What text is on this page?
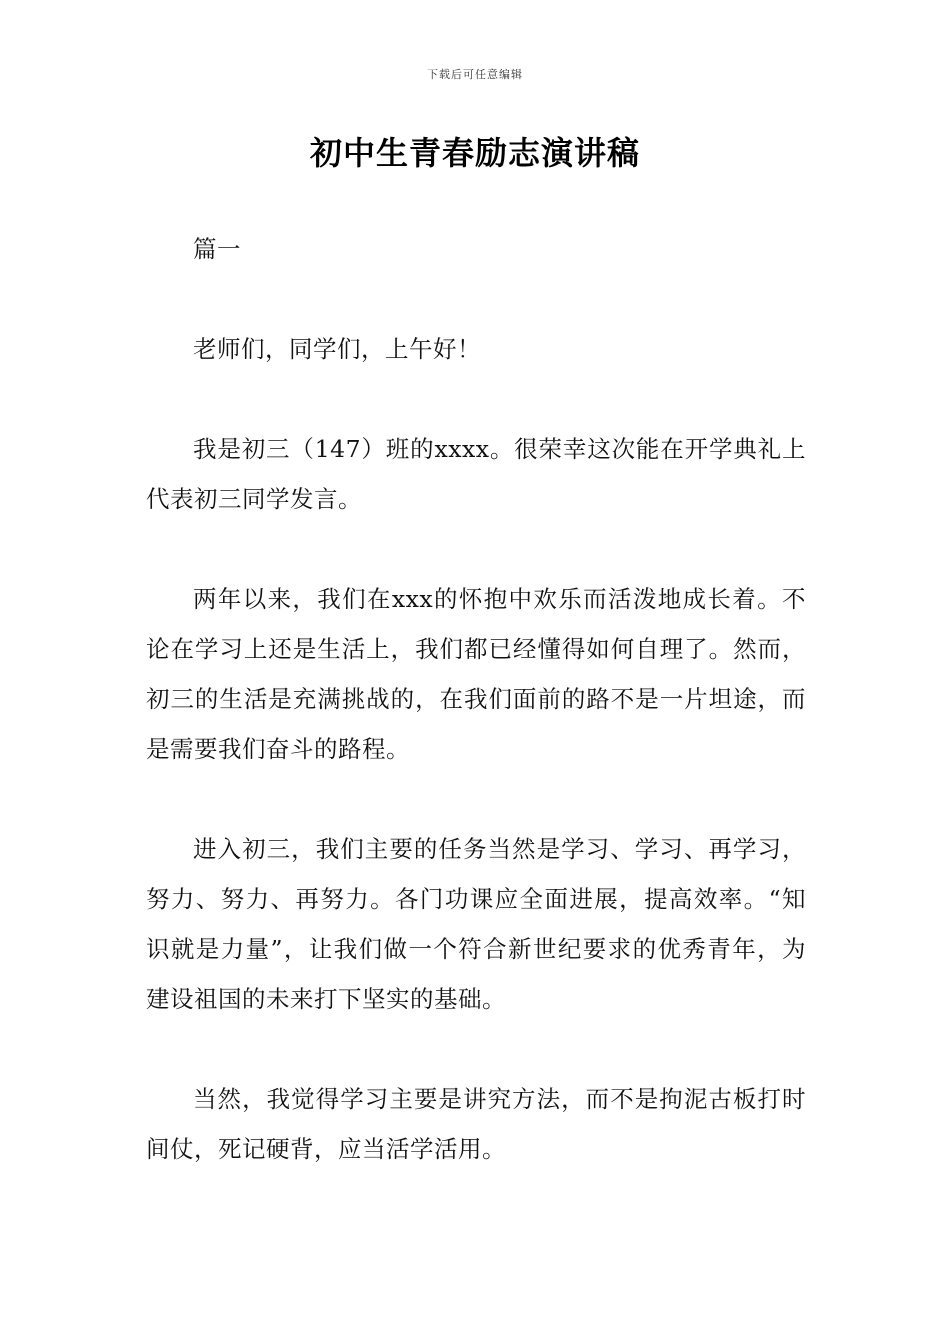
下载后可任意编辑
初中生青春励志演讲稿

篇一

老师们，同学们，上午好！

我是初三（147）班的xxxx。很荣幸这次能在开学典礼上代表初三同学发言。

两年以来，我们在xxx的怀抱中欢乐而活泼地成长着。不论在学习上还是生活上，我们都已经懂得如何自理了。然而，初三的生活是充满挑战的，在我们面前的路不是一片坦途，而是需要我们奋斗的路程。

进入初三，我们主要的任务当然是学习、学习、再学习，努力、努力、再努力。各门功课应全面进展，提高效率。“知识就是力量”，让我们做一个符合新世纪要求的优秀青年，为建设祖国的未来打下坚实的基础。

当然，我觉得学习主要是讲究方法，而不是拘泥古板打时间仗，死记硬背，应当活学活用。
